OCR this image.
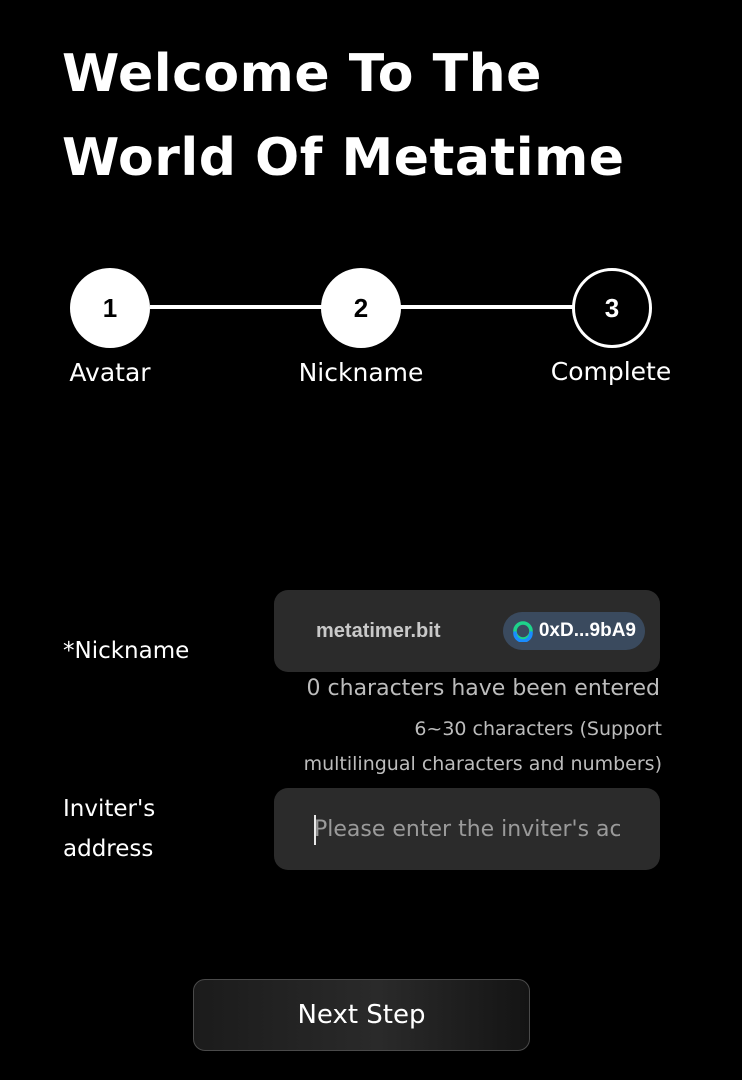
Welcome To The
World Of Metatime
1	2	3
Avatar	Nickname	Complete
*Nickname
metatimer.bit	0xD...9bA9
0 characters have been entered
6~30 characters (Support
multilingual characters and numbers)
Inviter's
address
Please enter the inviter's ac
Next Step
